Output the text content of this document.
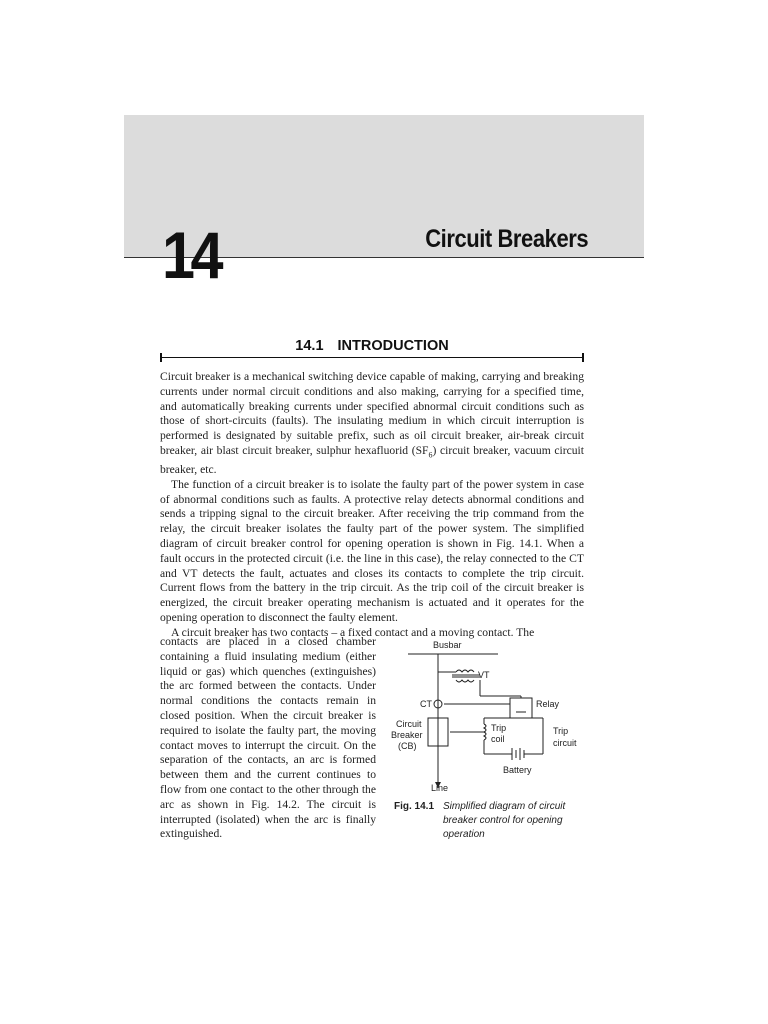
14	Circuit Breakers
14.1 INTRODUCTION

Circuit breaker is a mechanical switching device capable of making, carrying and breaking currents under normal circuit conditions and also making, carrying for a specified time, and automatically breaking currents under specified abnormal circuit conditions such as those of short-circuits (faults). The insulating medium in which circuit interruption is performed is designated by suitable prefix, such as oil circuit breaker, air-break circuit breaker, air blast circuit breaker, sulphur hexafluorid $(SF_6)$ circuit breaker, vacuum circuit breaker, etc.

The function of a circuit breaker is to isolate the faulty part of the power system in case of abnormal conditions such as faults. A protective relay detects abnormal conditions and sends a tripping signal to the circuit breaker. After receiving the trip command from the relay, the circuit breaker isolates the faulty part of the power system. The simplified diagram of circuit breaker control for opening operation is shown in Fig. 14.1. When a fault occurs in the protected circuit (i.e. the line in this case), the relay connected to the CT and VT detects the fault, actuates and closes its contacts to complete the trip circuit. Current flows from the battery in the trip circuit. As the trip coil of the circuit breaker is energized, the circuit breaker operating mechanism is actuated and it operates for the opening operation to disconnect the faulty element.

A circuit breaker has two contacts – a fixed contact and a moving contact. The

contacts are placed in a closed chamber containing a fluid insulating medium (either liquid or gas) which quenches (extinguishes) the arc formed between the contacts. Under normal conditions the contacts remain in closed position. When the circuit breaker is required to isolate the faulty part, the moving contact moves to interrupt the circuit. On the separation of the contacts, an arc is formed between them and the current continues to flow from one contact to the other through the arc as shown in Fig. 14.2. The circuit is interrupted (isolated) when the arc is finally extinguished.

Busbar
VT
CT	Relay
Circuit
Breaker
(CB)
Trip
coil
Trip
circuit
Battery
Line
Fig. 14.1 Simplified diagram of circuit breaker control for opening operation
